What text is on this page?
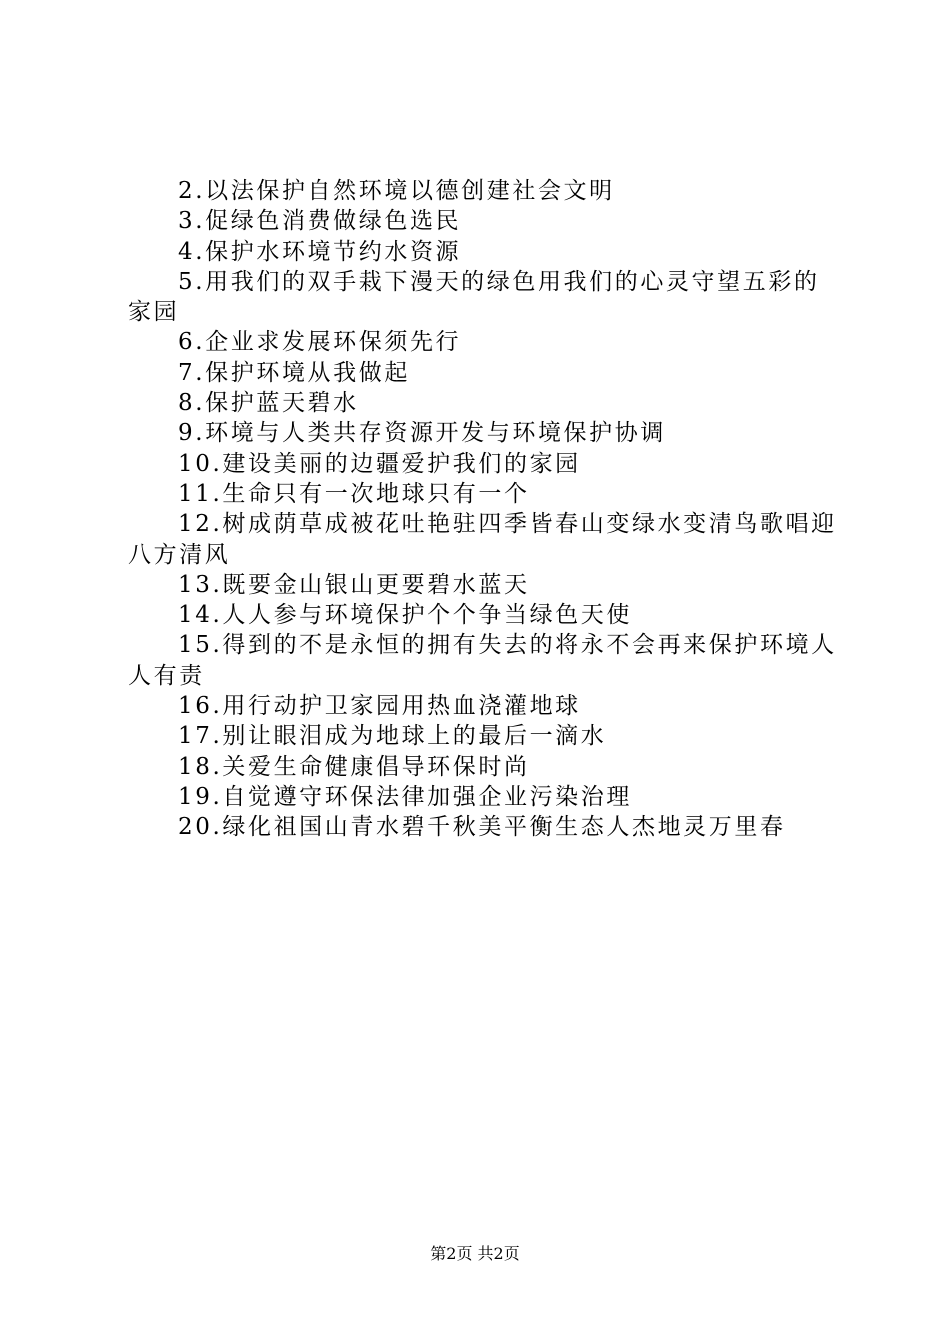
2.以法保护自然环境以德创建社会文明

3.促绿色消费做绿色选民

4.保护水环境节约水资源

5.用我们的双手栽下漫天的绿色用我们的心灵守望五彩的家园

6.企业求发展环保须先行

7.保护环境从我做起

8.保护蓝天碧水

9.环境与人类共存资源开发与环境保护协调

10.建设美丽的边疆爱护我们的家园

11.生命只有一次地球只有一个

12.树成荫草成被花吐艳驻四季皆春山变绿水变清鸟歌唱迎八方清风

13.既要金山银山更要碧水蓝天

14.人人参与环境保护个个争当绿色天使

15.得到的不是永恒的拥有失去的将永不会再来保护环境人人有责

16.用行动护卫家园用热血浇灌地球

17.别让眼泪成为地球上的最后一滴水

18.关爱生命健康倡导环保时尚

19.自觉遵守环保法律加强企业污染治理

20.绿化祖国山青水碧千秋美平衡生态人杰地灵万里春

第2页 共2页
